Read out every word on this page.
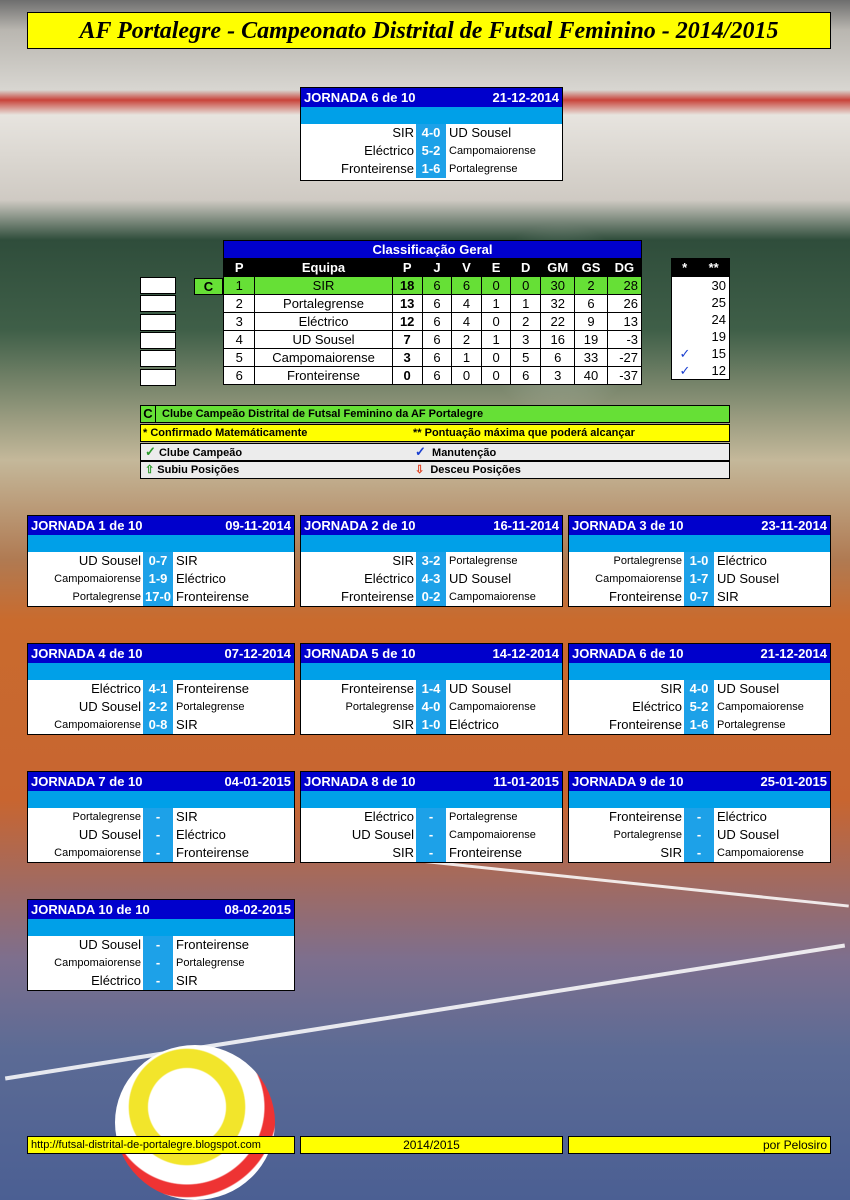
AF Portalegre - Campeonato Distrital de Futsal Feminino - 2014/2015
JORNADA 6 de 10	21-12-2014
SIR 4-0 UD Sousel
Eléctrico 5-2 Campomaiorense
Fronteirense 1-6 Portalegrense
Classificação Geral									
P	Equipa	P	J	V	E	D	GM	GS	DG
1	SIR	18	6	6	0	0	30	2	28
2	Portalegrense	13	6	4	1	1	32	6	26
3	Eléctrico	12	6	4	0	2	22	9	13
4	UD Sousel	7	6	2	1	3	16	19	-3
5	Campomaiorense	3	6	1	0	5	6	33	-27
6	Fronteirense	0	6	0	0	6	3	40	-37
C
*	**
	30
	25
	24
	19
✓	15
✓	12
C Clube Campeão Distrital de Futsal Feminino da AF Portalegre
* Confirmado Matemáticamente	** Pontuação máxima que poderá alcançar
✓ Clube Campeão	✓ Manutenção
⇧ Subiu Posições	⇩ Desceu Posições
JORNADA 1 de 10	09-11-2014
UD Sousel 0-7 SIR
Campomaiorense 1-9 Eléctrico
Portalegrense 17-0 Fronteirense
JORNADA 2 de 10	16-11-2014
SIR 3-2 Portalegrense
Eléctrico 4-3 UD Sousel
Fronteirense 0-2 Campomaiorense
JORNADA 3 de 10	23-11-2014
Portalegrense 1-0 Eléctrico
Campomaiorense 1-7 UD Sousel
Fronteirense 0-7 SIR
JORNADA 4 de 10	07-12-2014
Eléctrico 4-1 Fronteirense
UD Sousel 2-2 Portalegrense
Campomaiorense 0-8 SIR
JORNADA 5 de 10	14-12-2014
Fronteirense 1-4 UD Sousel
Portalegrense 4-0 Campomaiorense
SIR 1-0 Eléctrico
JORNADA 6 de 10	21-12-2014
SIR 4-0 UD Sousel
Eléctrico 5-2 Campomaiorense
Fronteirense 1-6 Portalegrense
JORNADA 7 de 10	04-01-2015
Portalegrense	-	SIR
UD Sousel	-	Eléctrico
Campomaiorense	-	Fronteirense
JORNADA 8 de 10	11-01-2015
Eléctrico	-	Portalegrense
UD Sousel	-	Campomaiorense
SIR	-	Fronteirense
JORNADA 9 de 10	25-01-2015
Fronteirense	-	Eléctrico
Portalegrense	-	UD Sousel
SIR	-	Campomaiorense
JORNADA 10 de 10	08-02-2015
UD Sousel	-	Fronteirense
Campomaiorense	-	Portalegrense
Eléctrico	-	SIR
http://futsal-distrital-de-portalegre.blogspot.com	2014/2015	por Pelosiro
